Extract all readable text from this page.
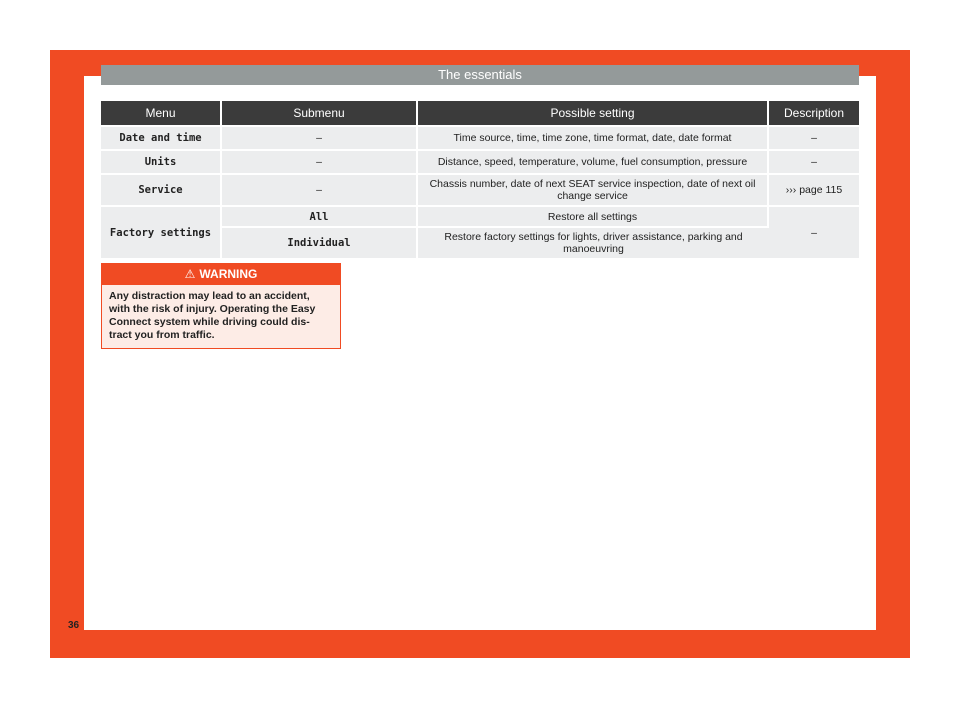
The essentials
Menu	Submenu	Possible setting	Description
Date and time	–	Time source, time, time zone, time format, date, date format	–
Units	–	Distance, speed, temperature, volume, fuel consumption, pressure	–
Service	–	Chassis number, date of next SEAT service inspection, date of next oil change service	››› page 115
Factory settings	All	Restore all settings	–
	Individual	Restore factory settings for lights, driver assistance, parking and manoeuvring	
⚠ WARNING
Any distraction may lead to an accident, with the risk of injury. Operating the Easy Connect system while driving could dis- tract you from traffic.
36
